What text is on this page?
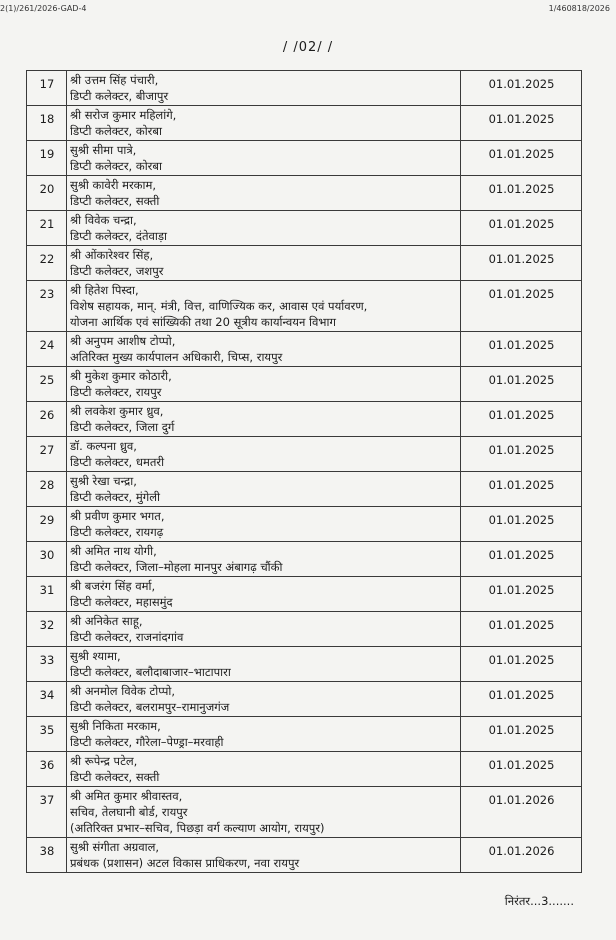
2(1)/261/2026-GAD-4	1/460818/2026
/ /02/ /
17	श्री उत्तम सिंह पंचारी,
डिप्टी कलेक्टर, बीजापुर	01.01.2025
18	श्री सरोज कुमार महिलांगे,
डिप्टी कलेक्टर, कोरबा	01.01.2025
19	सुश्री सीमा पात्रे,
डिप्टी कलेक्टर, कोरबा	01.01.2025
20	सुश्री कावेरी मरकाम,
डिप्टी कलेक्टर, सक्ती	01.01.2025
21	श्री विवेक चन्द्रा,
डिप्टी कलेक्टर, दंतेवाड़ा	01.01.2025
22	श्री ओंकारेश्वर सिंह,
डिप्टी कलेक्टर, जशपुर	01.01.2025
23	श्री हितेश पिस्दा,
विशेष सहायक, मान्. मंत्री, वित्त, वाणिज्यिक कर, आवास एवं पर्यावरण,
योजना आर्थिक एवं सांख्यिकी तथा 20 सूत्रीय कार्यान्वयन विभाग	01.01.2025
24	श्री अनुपम आशीष टोप्पो,
अतिरिक्त मुख्य कार्यपालन अधिकारी, चिप्स, रायपुर	01.01.2025
25	श्री मुकेश कुमार कोठारी,
डिप्टी कलेक्टर, रायपुर	01.01.2025
26	श्री लवकेश कुमार ध्रुव,
डिप्टी कलेक्टर, जिला दुर्ग	01.01.2025
27	डॉ. कल्पना ध्रुव,
डिप्टी कलेक्टर, धमतरी	01.01.2025
28	सुश्री रेखा चन्द्रा,
डिप्टी कलेक्टर, मुंगेली	01.01.2025
29	श्री प्रवीण कुमार भगत,
डिप्टी कलेक्टर, रायगढ़	01.01.2025
30	श्री अमित नाथ योगी,
डिप्टी कलेक्टर, जिला–मोहला मानपुर अंबागढ़ चौंकी	01.01.2025
31	श्री बजरंग सिंह वर्मा,
डिप्टी कलेक्टर, महासमुंद	01.01.2025
32	श्री अनिकेत साहू,
डिप्टी कलेक्टर, राजनांदगांव	01.01.2025
33	सुश्री श्यामा,
डिप्टी कलेक्टर, बलौदाबाजार–भाटापारा	01.01.2025
34	श्री अनमोल विवेक टोप्पो,
डिप्टी कलेक्टर, बलरामपुर–रामानुजगंज	01.01.2025
35	सुश्री निकिता मरकाम,
डिप्टी कलेक्टर, गौरेला–पेण्ड्रा–मरवाही	01.01.2025
36	श्री रूपेन्द्र पटेल,
डिप्टी कलेक्टर, सक्ती	01.01.2025
37	श्री अमित कुमार श्रीवास्तव,
सचिव, तेलघानी बोर्ड, रायपुर
(अतिरिक्त प्रभार–सचिव, पिछड़ा वर्ग कल्याण आयोग, रायपुर)	01.01.2026
38	सुश्री संगीता अग्रवाल,
प्रबंधक (प्रशासन) अटल विकास प्राधिकरण, नवा रायपुर	01.01.2026
निरंतर...3.......
